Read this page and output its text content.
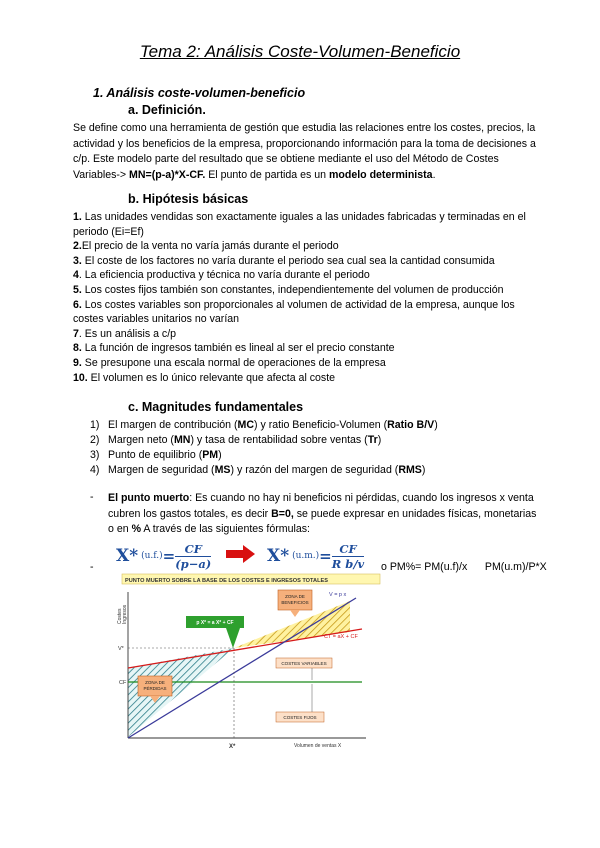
Tema 2: Análisis Coste-Volumen-Beneficio
1. Análisis coste-volumen-beneficio
a. Definición.
Se define como una herramienta de gestión que estudia las relaciones entre los costes, precios, la
actividad y los beneficios de la empresa, proporcionando información para la toma de decisiones a
c/p. Este modelo parte del resultado que se obtiene mediante el uso del Método de Costes
Variables-> MN=(p-a)*X-CF. El punto de partida es un modelo determinista.
b. Hipótesis básicas
1. Las unidades vendidas son exactamente iguales a las unidades fabricadas y terminadas en el
periodo (Ei=Ef)
2.El precio de la venta no varía jamás durante el periodo
3. El coste de los factores no varía durante el periodo sea cual sea la cantidad consumida
4. La eficiencia productiva y técnica no varía durante el periodo
5. Los costes fijos también son constantes, independientemente del volumen de producción
6. Los costes variables son proporcionales al volumen de actividad de la empresa, aunque los
costes variables unitarios no varían
7. Es un análisis a c/p
8. La función de ingresos también es lineal al ser el precio constante
9. Se presupone una escala normal de operaciones de la empresa
10. El volumen es lo único relevante que afecta al coste
c. Magnitudes fundamentales
1) El margen de contribución (MC) y ratio Beneficio-Volumen (Ratio B/V)
2) Margen neto (MN) y tasa de rentabilidad sobre ventas (Tr)
3) Punto de equilibrio (PM)
4) Margen de seguridad (MS) y razón del margen de seguridad (RMS)
- El punto muerto: Es cuando no hay ni beneficios ni pérdidas, cuando los ingresos x venta
cubren los gastos totales, es decir B=0, se puede expresar en unidades físicas, monetarias
o en % A través de las siguientes fórmulas:
-
X* $(u.f.) = \frac{CF}{(p-a)}$	X* $(u.m.) = \frac{CF}{\text{R b/v}}$ o PM%= PM(u.f)/x      PM(u.m)/P*X
PUNTO MUERTO SOBRE LA BASE DE LOS COSTES E INGRESOS TOTALES
Costes Ingresos
V*
CF
X*	Volumen de ventas X
V = p x
CT = aX + CF
ZONA DE
BENEFICIOS
ZONA DE
PÉRDIDAS
p X* = a X* + CF
COSTES VARIABLES
COSTES FIJOS
